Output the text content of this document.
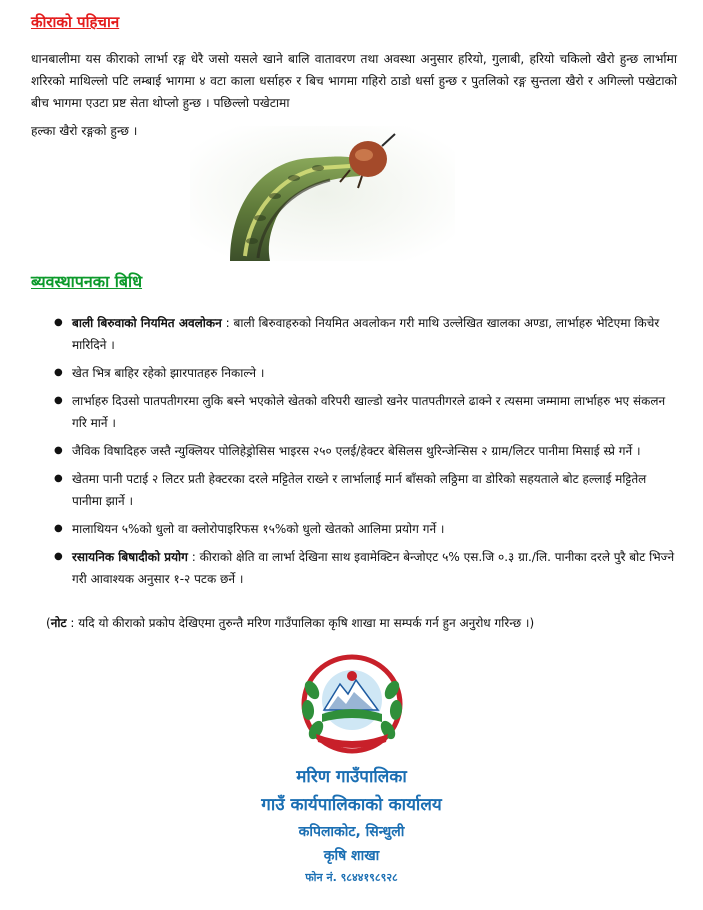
कीराको पहिचान
धानबालीमा यस कीराको लार्भा रङ्ग धेरै जसो यसले खाने बालि वातावरण तथा अवस्था अनुसार हरियो, गुलाबी, हरियो चकिलो खैरो हुन्छ लार्भामा शरिरको माथिल्लो पटि लम्बाई भागमा ४ वटा काला धर्साहरु र बिच भागमा गहिरो ठाडो धर्सा हुन्छ र पुतलिको रङ्ग सुन्तला खैरो र अगिल्लो पखेटाको बीच भागमा एउटा प्रष्ट सेता थोप्लो हुन्छ । पछिल्लो पखेटामा
हल्का खैरो रङ्गको हुन्छ ।
ब्यवस्थापनका बिधि
● बाली बिरुवाको नियमित अवलोकन : बाली बिरुवाहरुको नियमित अवलोकन गरी माथि उल्लेखित खालका अण्डा, लार्भाहरु भेटिएमा किचेर मारिदिने ।
● खेत भित्र बाहिर रहेको झारपातहरु निकाल्ने ।
● लार्भाहरु दिउसो पातपतीगरमा लुकि बस्ने भएकोले खेतको वरिपरी खाल्डो खनेर पातपतीगरले ढाक्ने र त्यसमा जम्मामा लार्भाहरु भए संकलन गरि मार्ने ।
● जैविक विषादिहरु जस्तै न्युक्लियर पोलिहेड्रोसिस भाइरस २५० एलई/हेक्टर बेसिलस थुरिन्जेन्सिस २ ग्राम/लिटर पानीमा मिसाई स्प्रे गर्ने ।
● खेतमा पानी पटाई २ लिटर प्रती हेक्टरका दरले मट्टितेल राख्ने र लार्भालाई मार्न बाँसको लठ्ठिमा वा डोरिको सहयताले बोट हल्लाई मट्टितेल पानीमा झार्ने ।
● मालाथियन ५%को धुलो वा क्लोरोपाइरिफस १५%को धुलो खेतको आलिमा प्रयोग गर्ने ।
● रसायनिक बिषादीको प्रयोग : कीराको क्षेति वा लार्भा देखिना साथ इवामेक्टिन बेन्जोएट ५% एस.जि ०.३ ग्रा./लि. पानीका दरले पुरै बोट भिज्ने गरी आवाश्यक अनुसार १-२ पटक छर्ने ।
(नोट : यदि यो कीराको प्रकोप देखिएमा तुरुन्तै मरिण गाउँपालिका कृषि शाखा मा सम्पर्क गर्न हुन अनुरोध गरिन्छ ।)
मरिण गाउँपालिका
गाउँ कार्यपालिकाको कार्यालय
कपिलाकोट, सिन्धुली
कृषि शाखा
फोन नं. ९८४४१९८९२८
